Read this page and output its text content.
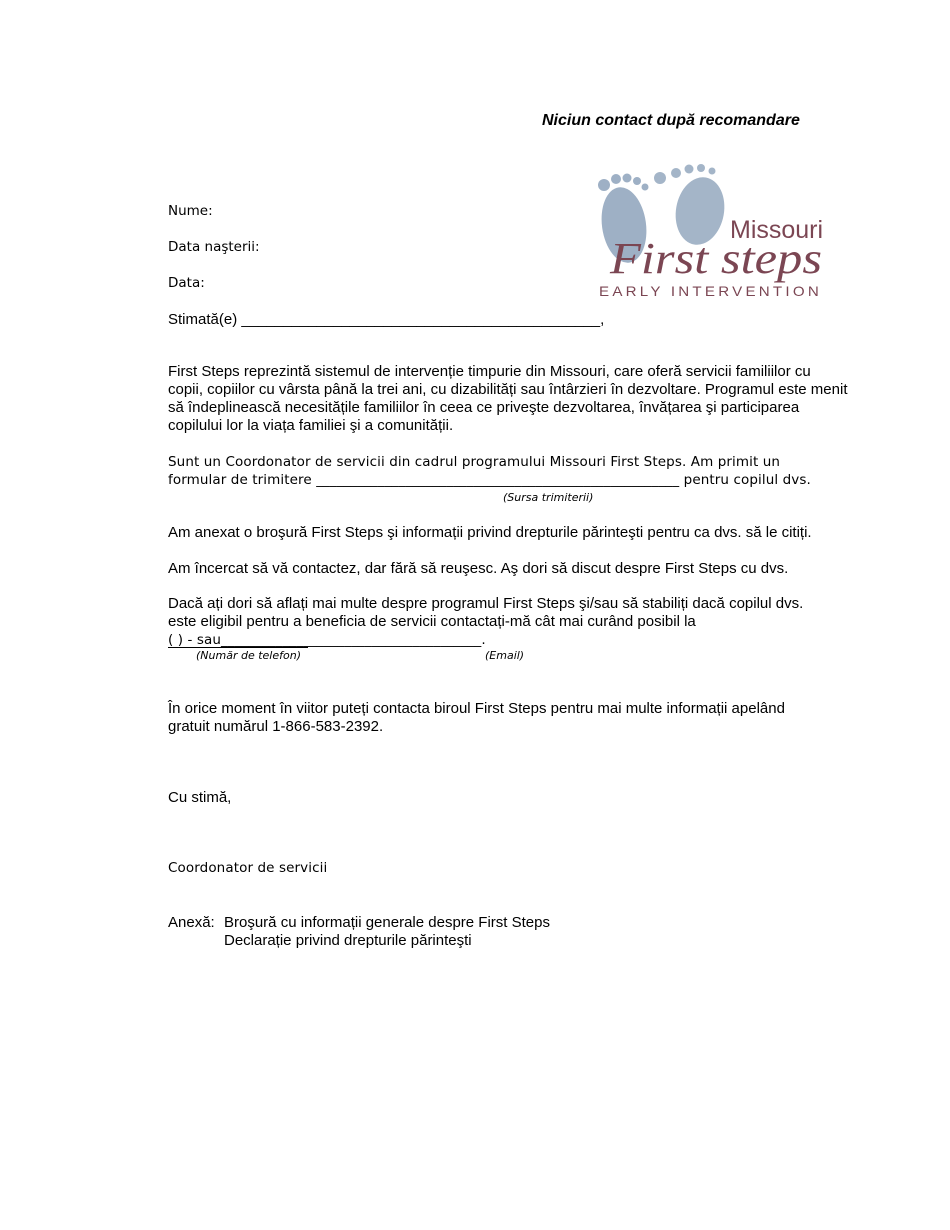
Niciun contact după recomandare
Missouri
First steps
EARLY INTERVENTION
Nume:
Data naşterii:
Data:
Stimată(e) ___________________________________________,
First Steps reprezintă sistemul de intervenție timpurie din Missouri, care oferă servicii familiilor cu copii, copiilor cu vârsta până la trei ani, cu dizabilități sau întârzieri în dezvoltare. Programul este menit să îndeplinească necesitățile familiilor în ceea ce priveşte dezvoltarea, învățarea şi participarea copilului lor la viața familiei şi a comunității.
Sunt un Coordonator de servicii din cadrul programului Missouri First Steps. Am primit un formular de trimitere _____________________________________________________ pentru copilul dvs.
(Sursa trimiterii)
Am anexat o broşură First Steps şi informații privind drepturile părinteşti pentru ca dvs. să le citiți.
Am încercat să vă contactez, dar fără să reuşesc. Aş dori să discut despre First Steps cu dvs.
Dacă ați dori să aflați mai multe despre programul First Steps şi/sau să stabiliți dacă copilul dvs.
este eligibil pentru a beneficia de servicii contactați-mă cât mai curând posibil la
( ) - sau______________________________________.
(Număr de telefon)	(Email)
În orice moment în viitor puteți contacta biroul First Steps pentru mai multe informații apelând gratuit numărul 1-866-583-2392.
Cu stimă,
Coordonator de servicii
Anexă: Broşură cu informații generale despre First Steps
Declarație privind drepturile părinteşti
